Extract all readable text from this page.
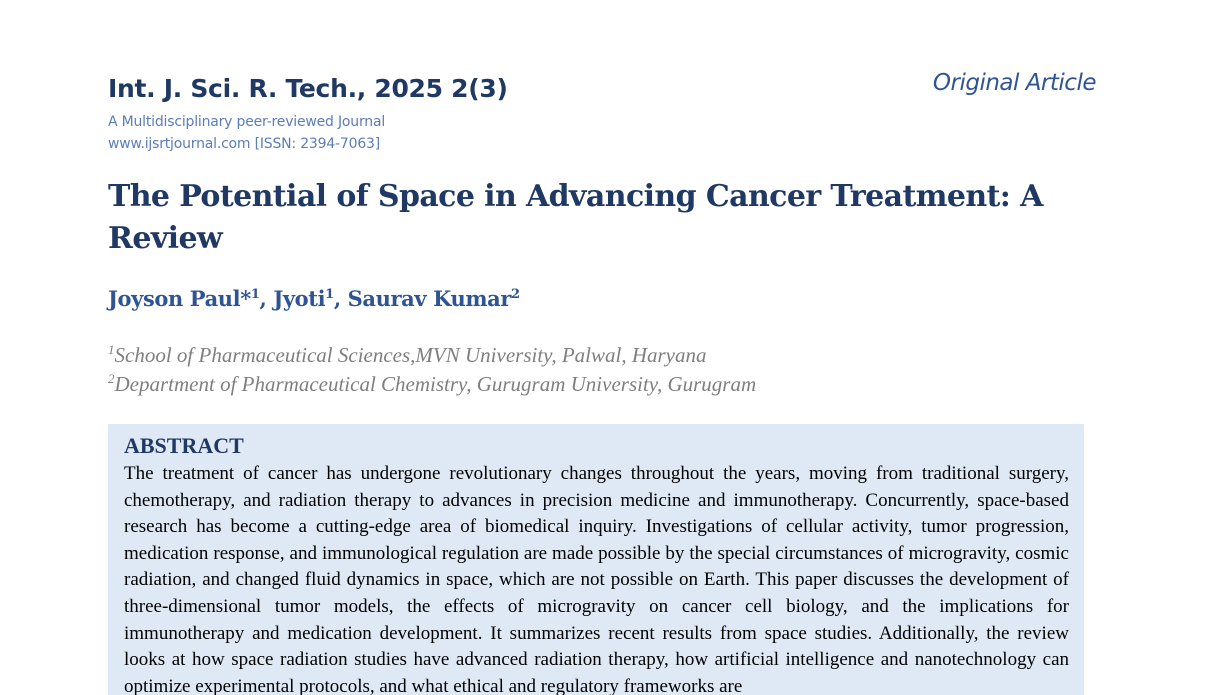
Int. J. Sci. R. Tech., 2025 2(3)	Original Article
A Multidisciplinary peer-reviewed Journal
www.ijsrtjournal.com [ISSN: 2394-7063]
The Potential of Space in Advancing Cancer Treatment: A Review
Joyson Paul*$^1$, Jyoti$^1$, Saurav Kumar$^2$
$^1$School of Pharmaceutical Sciences,MVN University, Palwal, Haryana
$^2$Department of Pharmaceutical Chemistry, Gurugram University, Gurugram
ABSTRACT

The treatment of cancer has undergone revolutionary changes throughout the years, moving from traditional surgery, chemotherapy, and radiation therapy to advances in precision medicine and immunotherapy. Concurrently, space-based research has become a cutting-edge area of biomedical inquiry. Investigations of cellular activity, tumor progression, medication response, and immunological regulation are made possible by the special circumstances of microgravity, cosmic radiation, and changed fluid dynamics in space, which are not possible on Earth. This paper discusses the development of three-dimensional tumor models, the effects of microgravity on cancer cell biology, and the implications for immunotherapy and medication development. It summarizes recent results from space studies. Additionally, the review looks at how space radiation studies have advanced radiation therapy, how artificial intelligence and nanotechnology can optimize experimental protocols, and what ethical and regulatory frameworks are
